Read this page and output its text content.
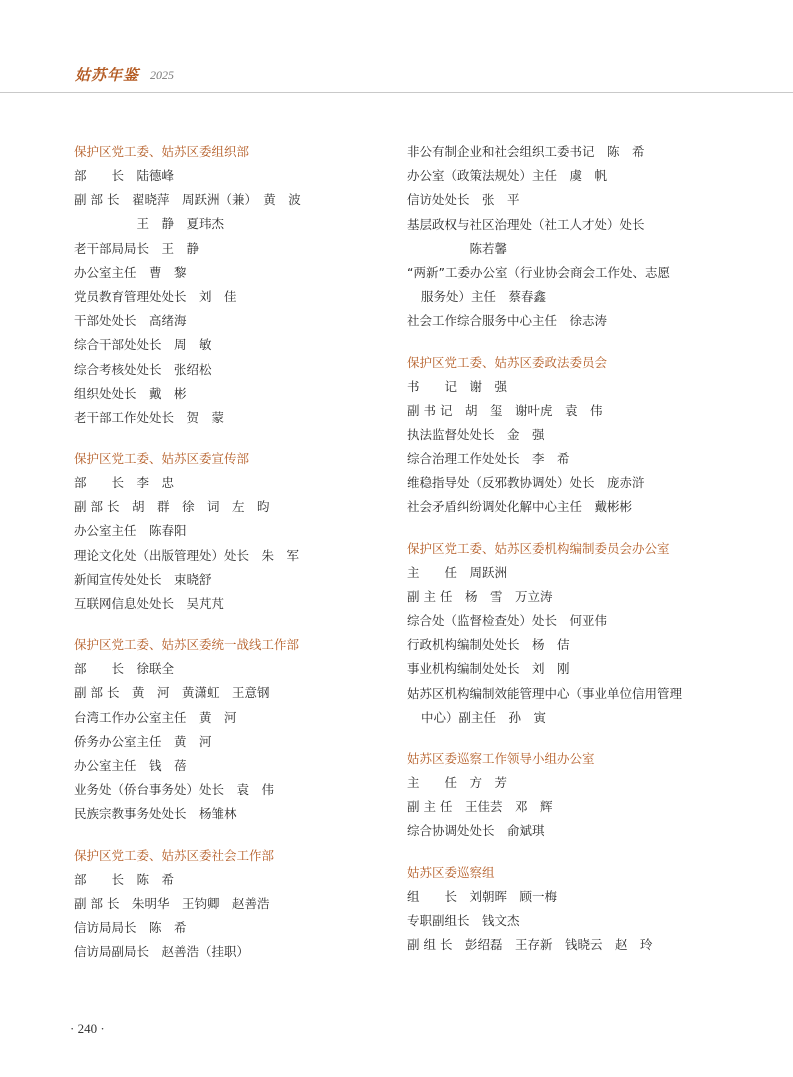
姑苏年鉴 2025
保护区党工委、姑苏区委组织部
部　　长　陆德峰
副 部 长　翟晓萍　周跃洲（兼）　黄　波
　　　　　王　静　夏玮杰
老干部局局长　王　静
办公室主任　曹　黎
党员教育管理处处长　刘　佳
干部处处长　高绪海
综合干部处处长　周　敏
综合考核处处长　张绍松
组织处处长　戴　彬
老干部工作处处长　贺　蒙
保护区党工委、姑苏区委宣传部
部　　长　李　忠
副 部 长　胡　群　徐　词　左　昀
办公室主任　陈春阳
理论文化处（出版管理处）处长　朱　军
新闻宣传处处长　束晓舒
互联网信息处处长　吴芃芃
保护区党工委、姑苏区委统一战线工作部
部　　长　徐联全
副 部 长　黄　河　黄潇虹　王意钢
台湾工作办公室主任　黄　河
侨务办公室主任　黄　河
办公室主任　钱　蓓
业务处（侨台事务处）处长　袁　伟
民族宗教事务处处长　杨雏林
保护区党工委、姑苏区委社会工作部
部　　长　陈　希
副 部 长　朱明华　王钧卿　赵善浩
信访局局长　陈　希
信访局副局长　赵善浩（挂职）
非公有制企业和社会组织工委书记　陈　希
办公室（政策法规处）主任　虞　帆
信访处处长　张　平
基层政权与社区治理处（社工人才处）处长
　　　　　陈若馨
“两新”工委办公室（行业协会商会工作处、志愿
服务处）主任　蔡春鑫
社会工作综合服务中心主任　徐志涛
保护区党工委、姑苏区委政法委员会
书　　记　谢　强
副 书 记　胡　玺　谢叶虎　袁　伟
执法监督处处长　金　强
综合治理工作处处长　李　希
维稳指导处（反邪教协调处）处长　庞赤浒
社会矛盾纠纷调处化解中心主任　戴彬彬
保护区党工委、姑苏区委机构编制委员会办公室
主　　任　周跃洲
副 主 任　杨　雪　万立涛
综合处（监督检查处）处长　何亚伟
行政机构编制处处长　杨　佶
事业机构编制处处长　刘　刚
姑苏区机构编制效能管理中心（事业单位信用管理
中心）副主任　孙　寅
姑苏区委巡察工作领导小组办公室
主　　任　方　芳
副 主 任　王佳芸　邓　辉
综合协调处处长　俞斌琪
姑苏区委巡察组
组　　长　刘朝晖　顾一梅
专职副组长　钱文杰
副 组 长　彭绍磊　王存新　钱晓云　赵　玲
· 240 ·
